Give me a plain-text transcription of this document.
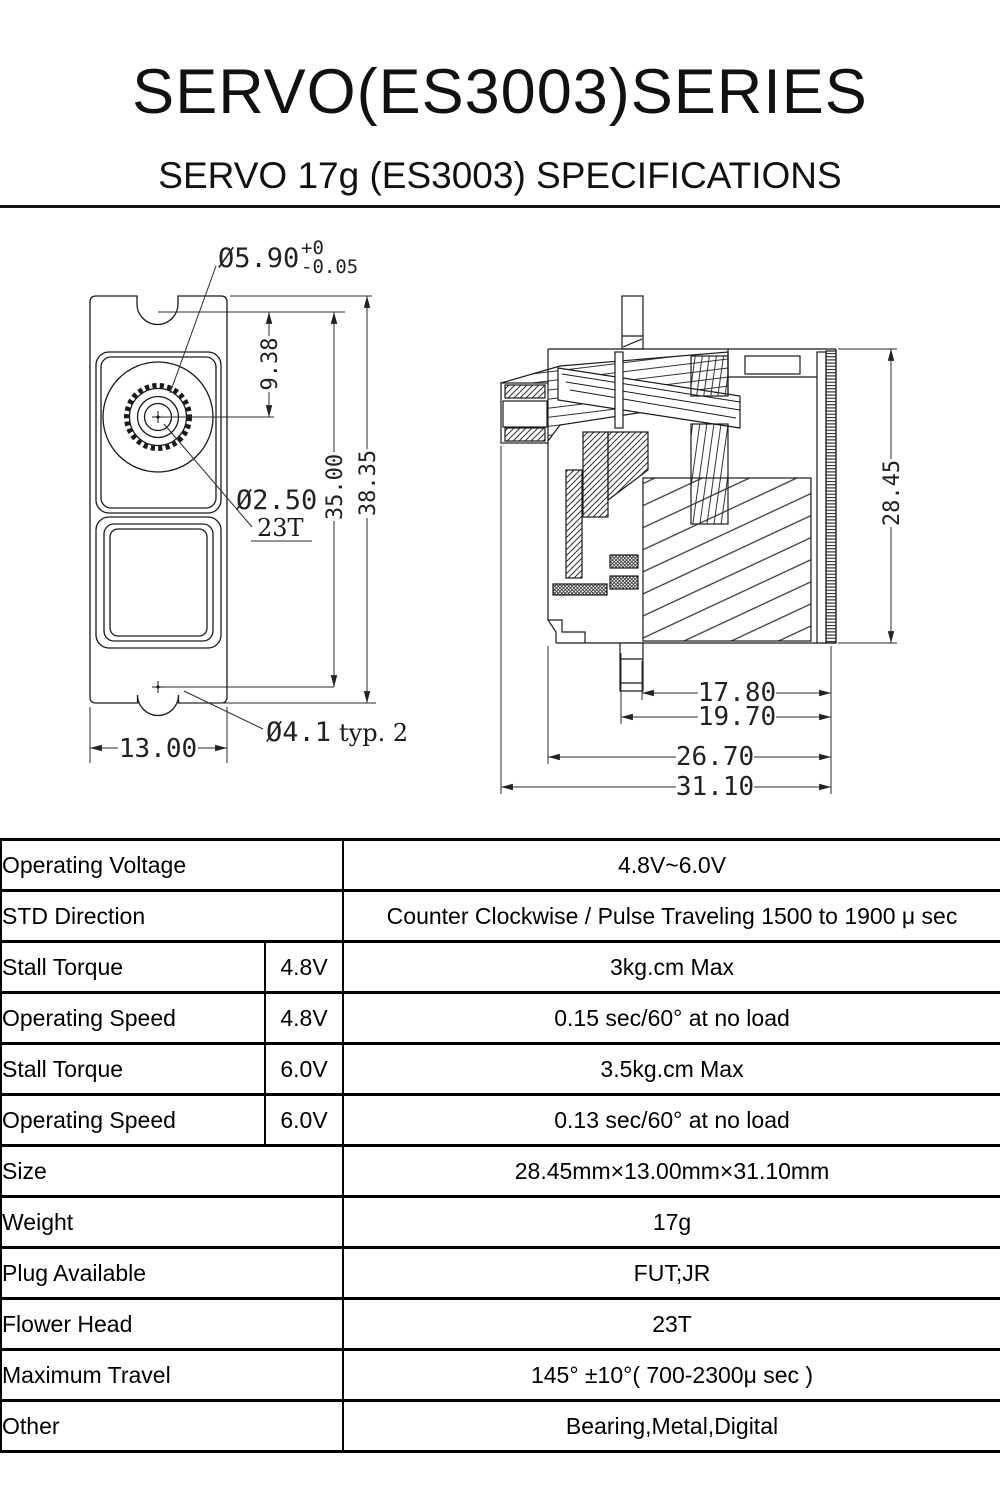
SERVO(ES3003)SERIES
SERVO 17g (ES3003) SPECIFICATIONS
Ø5.90 +0
-0.05
9.38
35.00 38.35
Ø2.50
23T
13.00
Ø4.1 typ. 2
28.45
17.80
19.70
26.70
31.10
Operating Voltage		4.8V~6.0V
STD Direction		Counter Clockwise / Pulse Traveling 1500 to 1900 μ sec
Stall Torque	4.8V	3kg.cm Max
Operating Speed	4.8V	0.15 sec/60° at no load
Stall Torque	6.0V	3.5kg.cm Max
Operating Speed	6.0V	0.13 sec/60° at no load
Size		28.45mm×13.00mm×31.10mm
Weight		17g
Plug Available		FUT;JR
Flower Head		23T
Maximum Travel		145° ±10°( 700-2300μ sec )
Other		Bearing,Metal,Digital
